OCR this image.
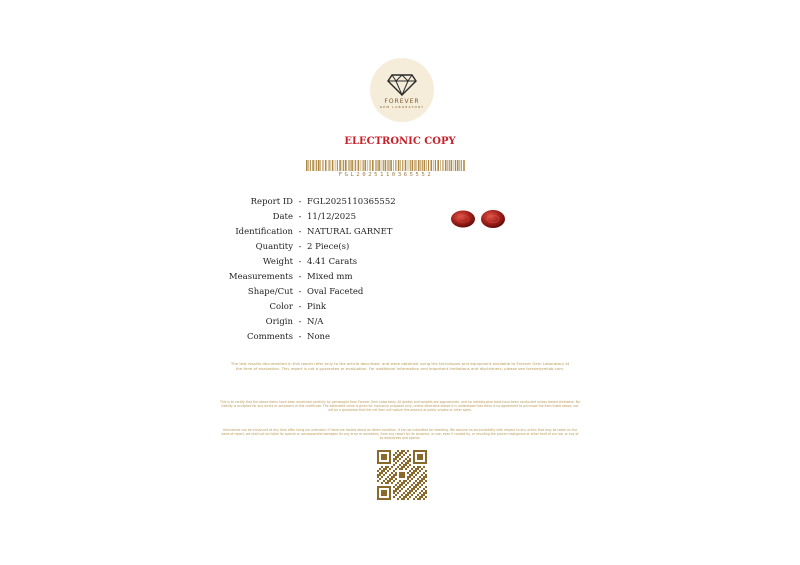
FOREVER
GEM LABORATORY
ELECTRONIC COPY
FGL2025110365552
Report ID - FGL2025110365552
Date - 11/12/2025
Identification - NATURAL GARNET
Quantity - 2 Piece(s)
Weight - 4.41 Carats
Measurements - Mixed mm
Shape/Cut - Oval Faceted
Color - Pink
Origin - N/A
Comments - None
The test results documented in this report refer only to the article described, and were obtained using the techniques and equipment available to Forever Gem Laboratory at the time of evaluation. This report is not a guarantee or evaluation. For additional information and important limitations and disclaimers, please see foreverjemlab.com.
This is to certify that the above items have been examined carefully by gemologist from Forever Gem Laboratory. All grades and weights are approximate, and no metallurgical tests have been conducted unless stated otherwise. No liability is accepted for any errors or omissions in this certificate. The estimated value is given for insurance purposes only, unless otherwise stated it is understood that there is no agreement to purchase the item listed above, nor will be a guarantee that the net item will realize this amount at public private or other sales.
Gemstones can be enhanced at any time after living our premises. If there are doubts about an items condition, it can be submitted for retesting. We assume no accountability with respect to any action that may be taken on the basis of report, we shall not be liable for special or consequential damages for any error or omissions, from any report for its issuance, or use, even if caused by, or resulting the proven negligence or other fault of our lab, or any of its employees and agents.
